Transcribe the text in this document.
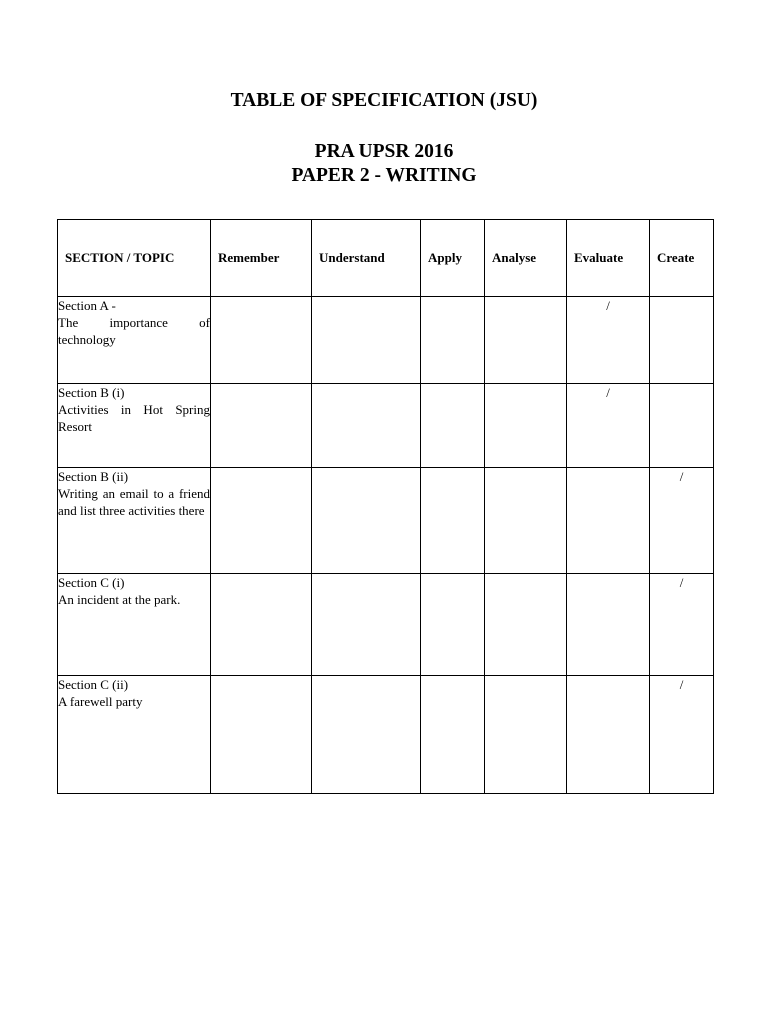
TABLE OF SPECIFICATION (JSU)
PRA UPSR 2016
PAPER 2 - WRITING
SECTION / TOPIC	Remember	Understand	Apply	Analyse	Evaluate	Create

Section A -
The importance of technology					/	

Section B (i)
Activities in Hot Spring Resort					/	

Section B (ii)
Writing an email to a friend and list three activities there						/

Section C (i)
An incident at the park.						/

Section C (ii)
A farewell party						/
